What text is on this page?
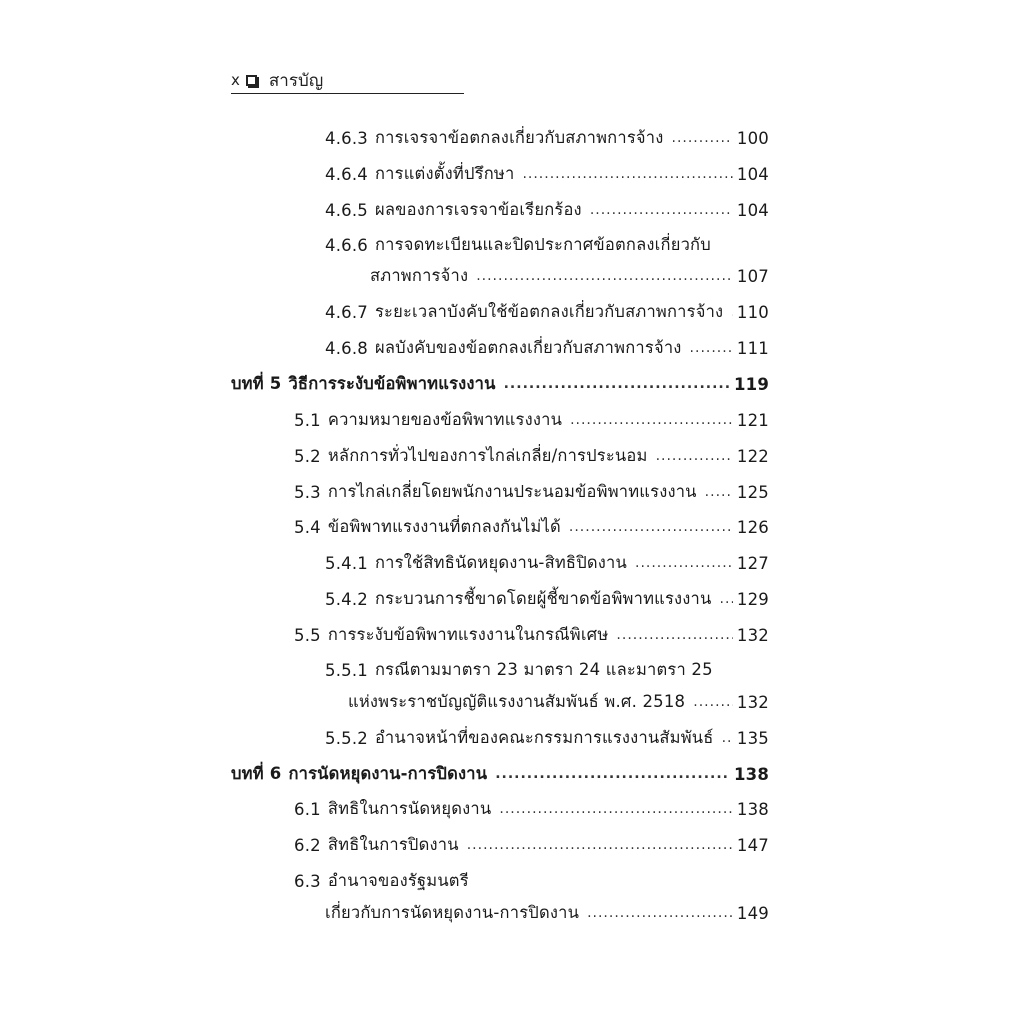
x สารบัญ
4.6.3 การเจรจาข้อตกลงเกี่ยวกับสภาพการจ้าง .....	100
4.6.4 การแต่งตั้งที่ปรึกษา .....	104
4.6.5 ผลของการเจรจาข้อเรียกร้อง .....	104
4.6.6 การจดทะเบียนและปิดประกาศข้อตกลงเกี่ยวกับ
สภาพการจ้าง .....	107
4.6.7 ระยะเวลาบังคับใช้ข้อตกลงเกี่ยวกับสภาพการจ้าง ..... 110
4.6.8 ผลบังคับของข้อตกลงเกี่ยวกับสภาพการจ้าง .....	111
บทที่ 5 วิธีการระงับข้อพิพาทแรงงาน .....	119
5.1 ความหมายของข้อพิพาทแรงงาน .....	121
5.2 หลักการทั่วไปของการไกล่เกลี่ย/การประนอม .....	122
5.3 การไกล่เกลี่ยโดยพนักงานประนอมข้อพิพาทแรงงาน ..... 125
5.4 ข้อพิพาทแรงงานที่ตกลงกันไม่ได้ .....	126
5.4.1 การใช้สิทธินัดหยุดงาน-สิทธิปิดงาน .....	127
5.4.2 กระบวนการชี้ขาดโดยผู้ชี้ขาดข้อพิพาทแรงงาน ..... 129
5.5 การระงับข้อพิพาทแรงงานในกรณีพิเศษ .....	132
5.5.1 กรณีตามมาตรา 23 มาตรา 24 และมาตรา 25
แห่งพระราชบัญญัติแรงงานสัมพันธ์ พ.ศ. 2518 .....	132
5.5.2 อำนาจหน้าที่ของคณะกรรมการแรงงานสัมพันธ์ ..... 135
บทที่ 6 การนัดหยุดงาน-การปิดงาน .....	138
6.1 สิทธิในการนัดหยุดงาน .....	138
6.2 สิทธิในการปิดงาน .....	147
6.3 อำนาจของรัฐมนตรี
เกี่ยวกับการนัดหยุดงาน-การปิดงาน .....	149
